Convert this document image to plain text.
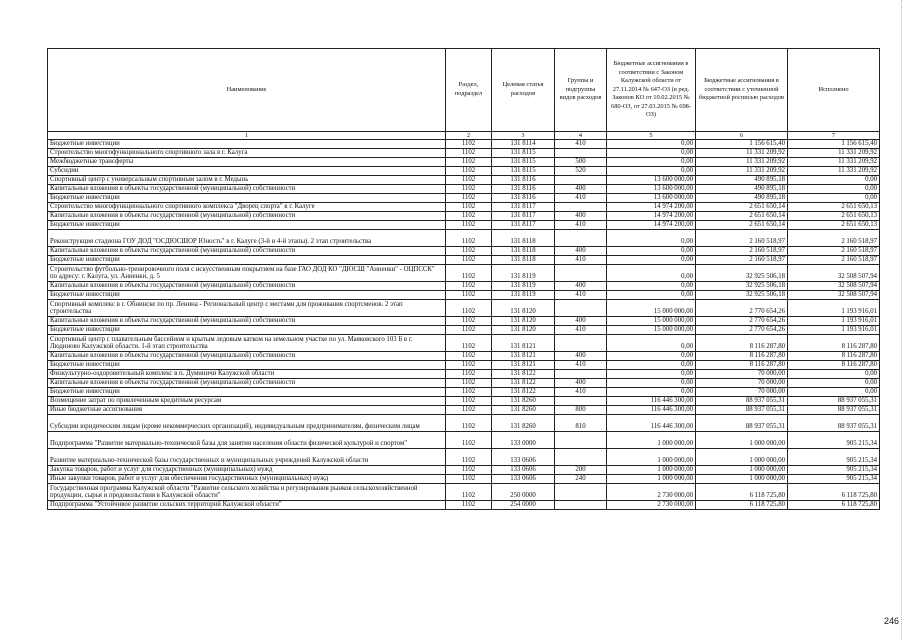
Наименование	Раздел, подраздел	Целевая статья расходов	Группы и подгруппы видов расходов	Бюджетные ассигнования в соответствии с Законом Калужской области от 27.11.2014 № 647-ОЗ (в ред. Законов КО от 10.02.2015 № 680-ОЗ, от 27.03.2015 № 698-ОЗ)	Бюджетные ассигнования в соответствии с уточненной бюджетной росписью расходов	Исполнено
1	2	3	4	5	6	7
Бюджетные инвестиции	1102	131 8114	410	0,00	1 156 615,40	1 156 615,40
Строительство многофункционального спортивного зала в г. Калуга	1102	131 8115		0,00	11 331 209,92	11 331 209,92
Межбюджетные трансферты	1102	131 8115	500	0,00	11 331 209,92	11 331 209,92
Субсидии	1102	131 8115	520	0,00	11 331 209,92	11 331 209,92
Спортивный центр с универсальным спортивным залом в г. Медынь	1102	131 8116		13 600 000,00	490 895,18	0,00
Капитальные вложения в объекты государственной (муниципальной) собственности	1102	131 8116	400	13 600 000,00	490 895,18	0,00
Бюджетные инвестиции	1102	131 8116	410	13 600 000,00	490 895,18	0,00
Строительство многофункционального спортивного комплекса "Дворец спорта" в г. Калуге	1102	131 8117		14 974 200,00	2 651 650,14	2 651 650,13
Капитальные вложения в объекты государственной (муниципальной) собственности	1102	131 8117	400	14 974 200,00	2 651 650,14	2 651 650,13
Бюджетные инвестиции	1102	131 8117	410	14 974 200,00	2 651 650,14	2 651 650,13
Реконструкция стадиона ГОУ ДОД "ОСДЮСШОР Юность" в г. Калуге (3-й и 4-й этапы). 2 этап строительства	1102	131 8118		0,00	2 160 518,97	2 160 518,97
Капитальные вложения в объекты государственной (муниципальной) собственности	1102	131 8118	400	0,00	2 160 518,97	2 160 518,97
Бюджетные инвестиции	1102	131 8118	410	0,00	2 160 518,97	2 160 518,97
Строительство футбольно-тренировочного поля с искусственным покрытием на базе ГАО ДОД КО "ДЮСШ "Анненки" - ОЦПССК" по адресу: г. Калуга, ул. Анненки, д. 5	1102	131 8119		0,00	32 925 506,18	32 508 507,94
Капитальные вложения в объекты государственной (муниципальной) собственности	1102	131 8119	400	0,00	32 925 506,18	32 508 507,94
Бюджетные инвестиции	1102	131 8119	410	0,00	32 925 506,18	32 508 507,94
Спортивный комплекс в г. Обнинске по пр. Ленина - Региональный центр с местами для проживания спортсменов. 2 этап строительства	1102	131 8120		15 000 000,00	2 770 654,26	1 193 916,01
Капитальные вложения в объекты государственной (муниципальной) собственности	1102	131 8120	400	15 000 000,00	2 770 654,26	1 193 916,01
Бюджетные инвестиции	1102	131 8120	410	15 000 000,00	2 770 654,26	1 193 916,01
Спортивный центр с плавательным бассейном и крытым ледовым катком на земельном участке по ул. Маяковского 103 Б в г. Людиново Калужской области. 1-й этап строительства	1102	131 8121		0,00	8 116 287,80	8 116 287,80
Капитальные вложения в объекты государственной (муниципальной) собственности	1102	131 8121	400	0,00	8 116 287,80	8 116 287,80
Бюджетные инвестиции	1102	131 8121	410	0,00	8 116 287,80	8 116 287,80
Физкультурно-оздоровительный комплекс в п. Думиничи Калужской области	1102	131 8122		0,00	70 000,00	0,00
Капитальные вложения в объекты государственной (муниципальной) собственности	1102	131 8122	400	0,00	70 000,00	0,00
Бюджетные инвестиции	1102	131 8122	410	0,00	70 000,00	0,00
Возмещение затрат по привлеченным кредитным ресурсам	1102	131 8260		116 446 300,00	88 937 055,31	88 937 055,31
Иные бюджетные ассигнования	1102	131 8260	800	116 446 300,00	88 937 055,31	88 937 055,31
Субсидии юридическим лицам (кроме некоммерческих организаций), индивидуальным предпринимателям, физическим лицам	1102	131 8260	810	116 446 300,00	88 937 055,31	88 937 055,31
Подпрограмма "Развитие материально-технической базы для занятия населения области физической культурой и спортом"	1102	133 0000		1 000 000,00	1 000 000,00	905 215,34
Развитие материально-технической базы государственных и муниципальных учреждений Калужской области	1102	133 0606		1 000 000,00	1 000 000,00	905 215,34
Закупка товаров, работ и услуг для государственных (муниципальных) нужд	1102	133 0606	200	1 000 000,00	1 000 000,00	905 215,34
Иные закупки товаров, работ и услуг для обеспечения государственных (муниципальных) нужд	1102	133 0606	240	1 000 000,00	1 000 000,00	905 215,34
Государственная программа Калужской области "Развитие сельского хозяйства и регулирования рынков сельскохозяйственной продукции, сырья и продовольствия в Калужской области"	1102	250 0000		2 730 000,00	6 118 725,80	6 118 725,80
Подпрограмма "Устойчивое развитие сельских территорий Калужской области"	1102	254 0000		2 730 000,00	6 118 725,80	6 118 725,80
246
